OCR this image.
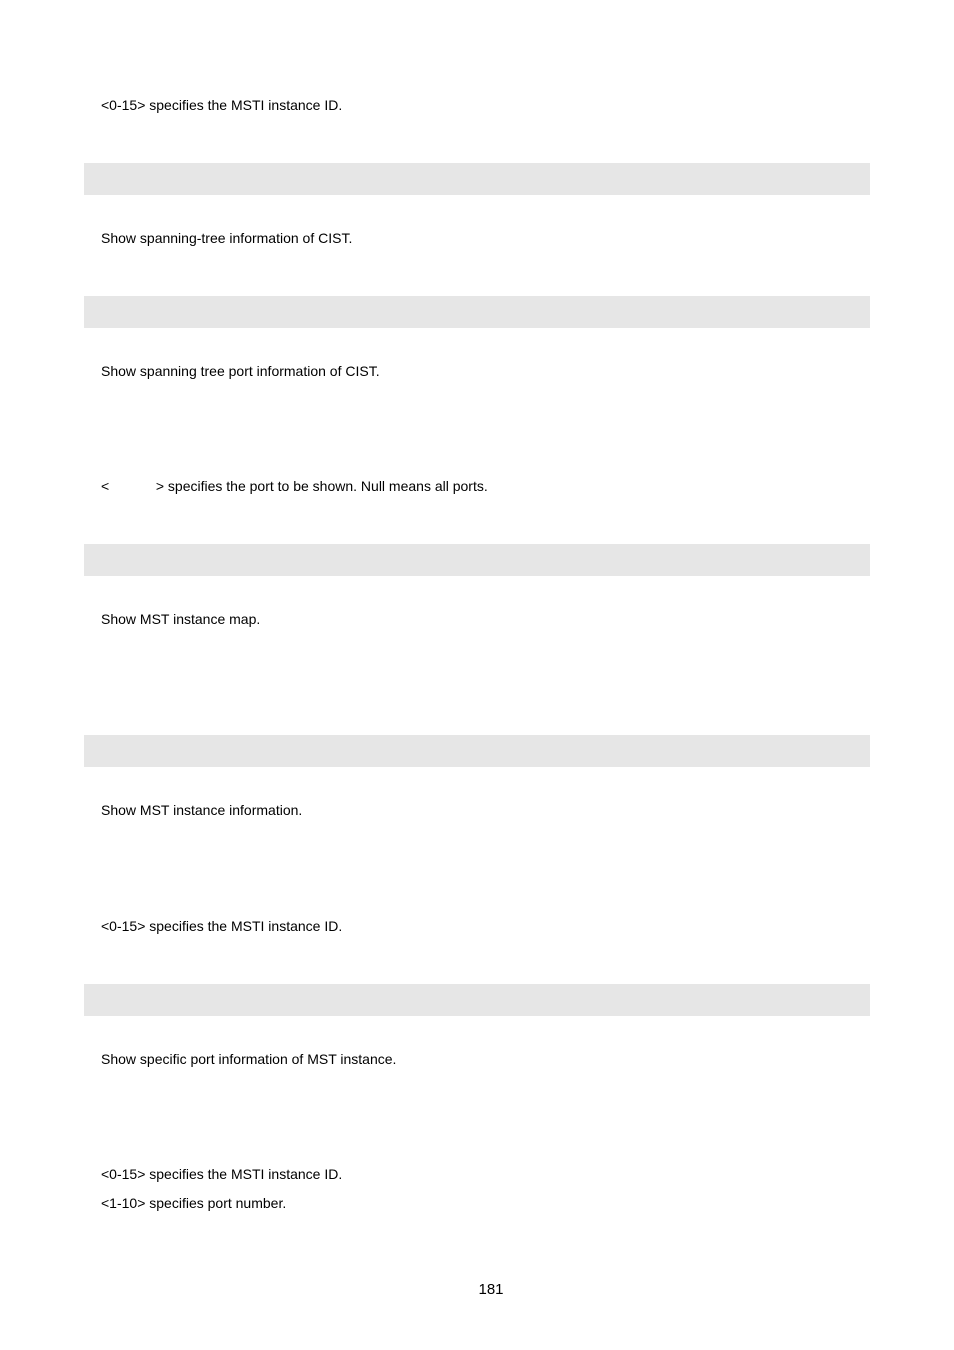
<0-15> specifies the MSTI instance ID.
Show spanning-tree information of CIST.
Show spanning tree port information of CIST.
<            > specifies the port to be shown. Null means all ports.
Show MST instance map.
Show MST instance information.
<0-15> specifies the MSTI instance ID.
Show specific port information of MST instance.
<0-15> specifies the MSTI instance ID.
<1-10> specifies port number.
181
